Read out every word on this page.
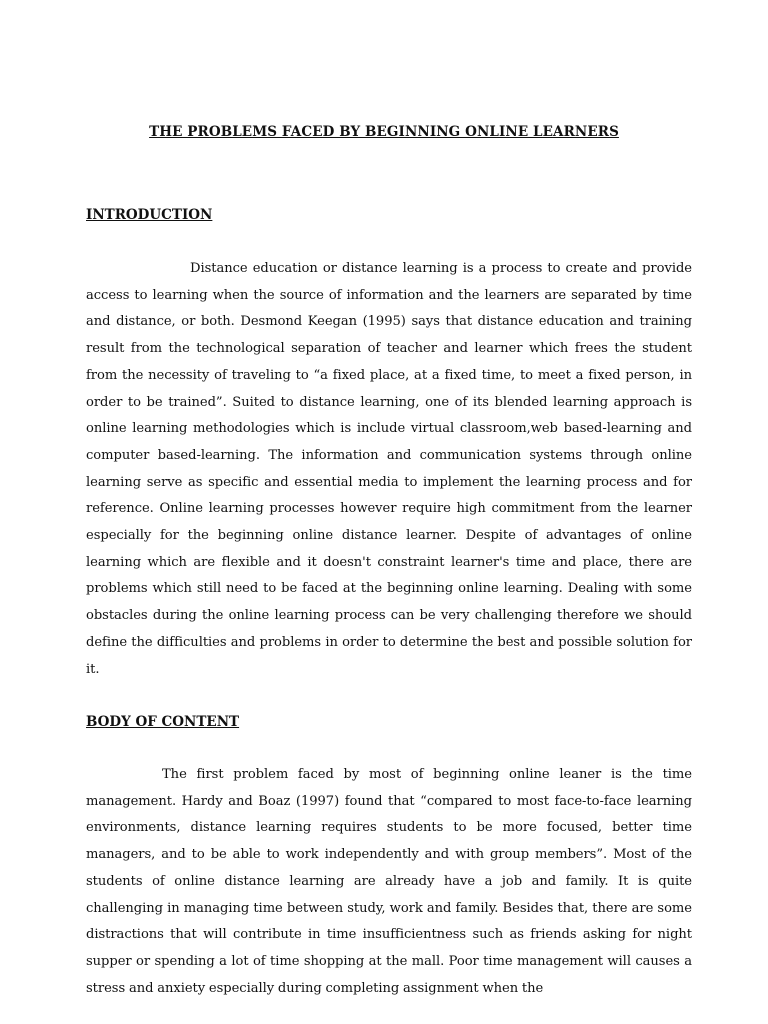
THE PROBLEMS FACED BY BEGINNING ONLINE LEARNERS
INTRODUCTION

Distance education or distance learning is a process to create and provide access to learning when the source of information and the learners are separated by time and distance, or both. Desmond Keegan (1995) says that distance education and training result from the technological separation of teacher and learner which frees the student from the necessity of traveling to “a fixed place, at a fixed time, to meet a fixed person, in order to be trained”. Suited to distance learning, one of its blended learning approach is online learning methodologies which is include virtual classroom,web based-learning and computer based-learning. The information and communication systems through online learning serve as specific and essential media to implement the learning process and for reference. Online learning processes however require high commitment from the learner especially for the beginning online distance learner. Despite of advantages of online learning which are flexible and it doesn't constraint learner's time and place, there are problems which still need to be faced at the beginning online learning. Dealing with some obstacles during the online learning process can be very challenging therefore we should define the difficulties and problems in order to determine the best and possible solution for it.

BODY OF CONTENT

The first problem faced by most of beginning online leaner is the time management. Hardy and Boaz (1997) found that “compared to most face-to-face learning environments, distance learning requires students to be more focused, better time managers, and to be able to work independently and with group members”. Most of the students of online distance learning are already have a job and family. It is quite challenging in managing time between study, work and family. Besides that, there are some distractions that will contribute in time insufficientness such as friends asking for night supper or spending a lot of time shopping at the mall. Poor time management will causes a stress and anxiety especially during completing assignment when the
